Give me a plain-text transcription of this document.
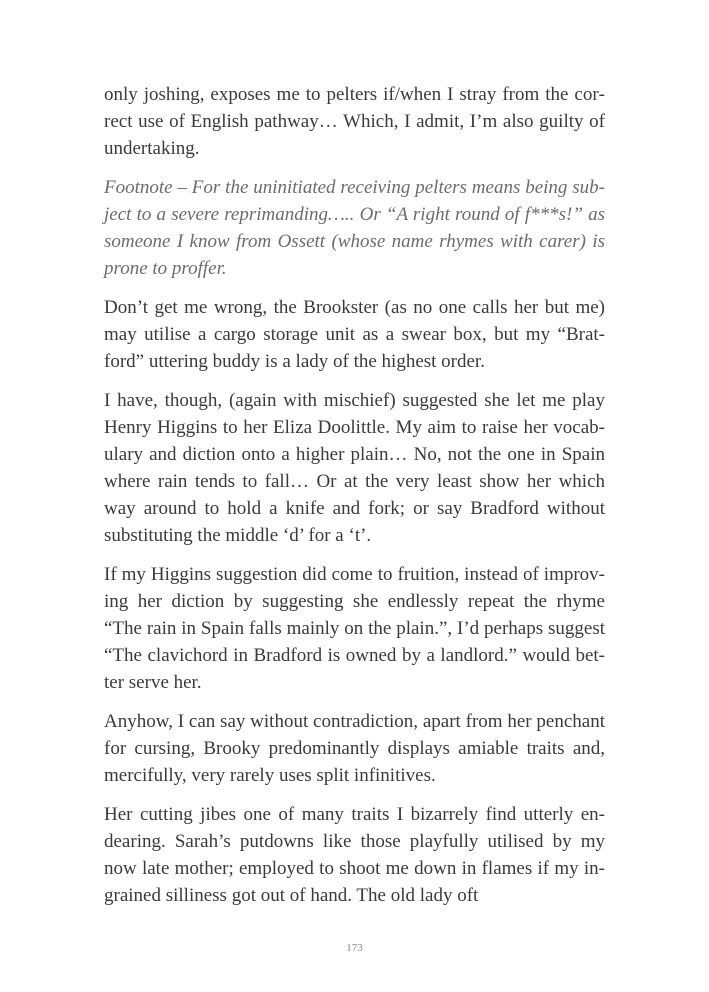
only joshing, exposes me to pelters if/when I stray from the correct use of English pathway… Which, I admit, I’m also guilty of undertaking.

Footnote – For the uninitiated receiving pelters means being subject to a severe reprimanding….. Or “A right round of f***s!” as someone I know from Ossett (whose name rhymes with carer) is prone to proffer.

Don’t get me wrong, the Brookster (as no one calls her but me) may utilise a cargo storage unit as a swear box, but my “Bratford” uttering buddy is a lady of the highest order.

I have, though, (again with mischief) suggested she let me play Henry Higgins to her Eliza Doolittle. My aim to raise her vocabulary and diction onto a higher plain… No, not the one in Spain where rain tends to fall… Or at the very least show her which way around to hold a knife and fork; or say Bradford without substituting the middle ‘d’ for a ‘t’.

If my Higgins suggestion did come to fruition, instead of improving her diction by suggesting she endlessly repeat the rhyme “The rain in Spain falls mainly on the plain.”, I’d perhaps suggest “The clavichord in Bradford is owned by a landlord.” would better serve her.

Anyhow, I can say without contradiction, apart from her penchant for cursing, Brooky predominantly displays amiable traits and, mercifully, very rarely uses split infinitives.

Her cutting jibes one of many traits I bizarrely find utterly endearing. Sarah’s putdowns like those playfully utilised by my now late mother; employed to shoot me down in flames if my ingrained silliness got out of hand. The old lady oft

173
